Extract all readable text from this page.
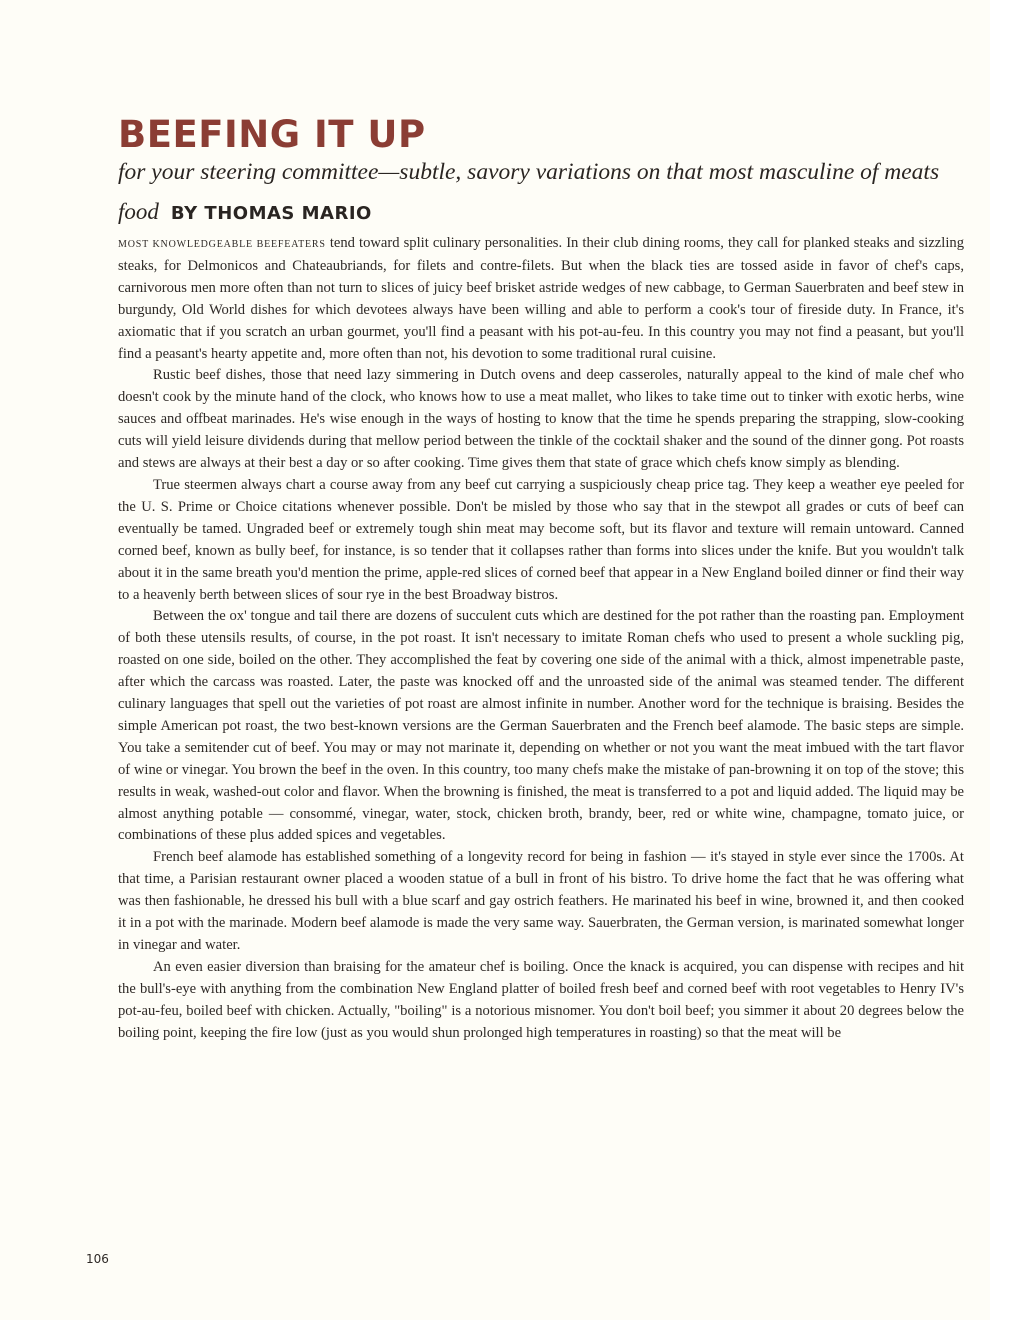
BEEFING IT UP

for your steering committee—subtle, savory variations on that most masculine of meats

food BY THOMAS MARIO

MOST KNOWLEDGEABLE BEEFEATERS tend toward split culinary personalities. In their club dining rooms, they call for planked steaks and sizzling steaks, for Delmonicos and Chateaubriands, for filets and contre-filets. But when the black ties are tossed aside in favor of chef's caps, carnivorous men more often than not turn to slices of juicy beef brisket astride wedges of new cabbage, to German Sauerbraten and beef stew in burgundy, Old World dishes for which devotees always have been willing and able to perform a cook's tour of fireside duty. In France, it's axiomatic that if you scratch an urban gourmet, you'll find a peasant with his pot-au-feu. In this country you may not find a peasant, but you'll find a peasant's hearty appetite and, more often than not, his devotion to some traditional rural cuisine.

Rustic beef dishes, those that need lazy simmering in Dutch ovens and deep casseroles, naturally appeal to the kind of male chef who doesn't cook by the minute hand of the clock, who knows how to use a meat mallet, who likes to take time out to tinker with exotic herbs, wine sauces and offbeat marinades. He's wise enough in the ways of hosting to know that the time he spends preparing the strapping, slow-cooking cuts will yield leisure dividends during that mellow period between the tinkle of the cocktail shaker and the sound of the dinner gong. Pot roasts and stews are always at their best a day or so after cooking. Time gives them that state of grace which chefs know simply as blending.

True steermen always chart a course away from any beef cut carrying a suspiciously cheap price tag. They keep a weather eye peeled for the U. S. Prime or Choice citations whenever possible. Don't be misled by those who say that in the stewpot all grades or cuts of beef can eventually be tamed. Ungraded beef or extremely tough shin meat may become soft, but its flavor and texture will remain untoward. Canned corned beef, known as bully beef, for instance, is so tender that it collapses rather than forms into slices under the knife. But you wouldn't talk about it in the same breath you'd mention the prime, apple-red slices of corned beef that appear in a New England boiled dinner or find their way to a heavenly berth between slices of sour rye in the best Broadway bistros.

Between the ox' tongue and tail there are dozens of succulent cuts which are destined for the pot rather than the roasting pan. Employment of both these utensils results, of course, in the pot roast. It isn't necessary to imitate Roman chefs who used to present a whole suckling pig, roasted on one side, boiled on the other. They accomplished the feat by covering one side of the animal with a thick, almost impenetrable paste, after which the carcass was roasted. Later, the paste was knocked off and the unroasted side of the animal was steamed tender. The different culinary languages that spell out the varieties of pot roast are almost infinite in number. Another word for the technique is braising. Besides the simple American pot roast, the two best-known versions are the German Sauerbraten and the French beef alamode. The basic steps are simple. You take a semitender cut of beef. You may or may not marinate it, depending on whether or not you want the meat imbued with the tart flavor of wine or vinegar. You brown the beef in the oven. In this country, too many chefs make the mistake of pan-browning it on top of the stove; this results in weak, washed-out color and flavor. When the browning is finished, the meat is transferred to a pot and liquid added. The liquid may be almost anything potable — consommé, vinegar, water, stock, chicken broth, brandy, beer, red or white wine, champagne, tomato juice, or combinations of these plus added spices and vegetables.

French beef alamode has established something of a longevity record for being in fashion — it's stayed in style ever since the 1700s. At that time, a Parisian restaurant owner placed a wooden statue of a bull in front of his bistro. To drive home the fact that he was offering what was then fashionable, he dressed his bull with a blue scarf and gay ostrich feathers. He marinated his beef in wine, browned it, and then cooked it in a pot with the marinade. Modern beef alamode is made the very same way. Sauerbraten, the German version, is marinated somewhat longer in vinegar and water.

An even easier diversion than braising for the amateur chef is boiling. Once the knack is acquired, you can dispense with recipes and hit the bull's-eye with anything from the combination New England platter of boiled fresh beef and corned beef with root vegetables to Henry IV's pot-au-feu, boiled beef with chicken. Actually, "boiling" is a notorious misnomer. You don't boil beef; you simmer it about 20 degrees below the boiling point, keeping the fire low (just as you would shun prolonged high temperatures in roasting) so that the meat will be

106
